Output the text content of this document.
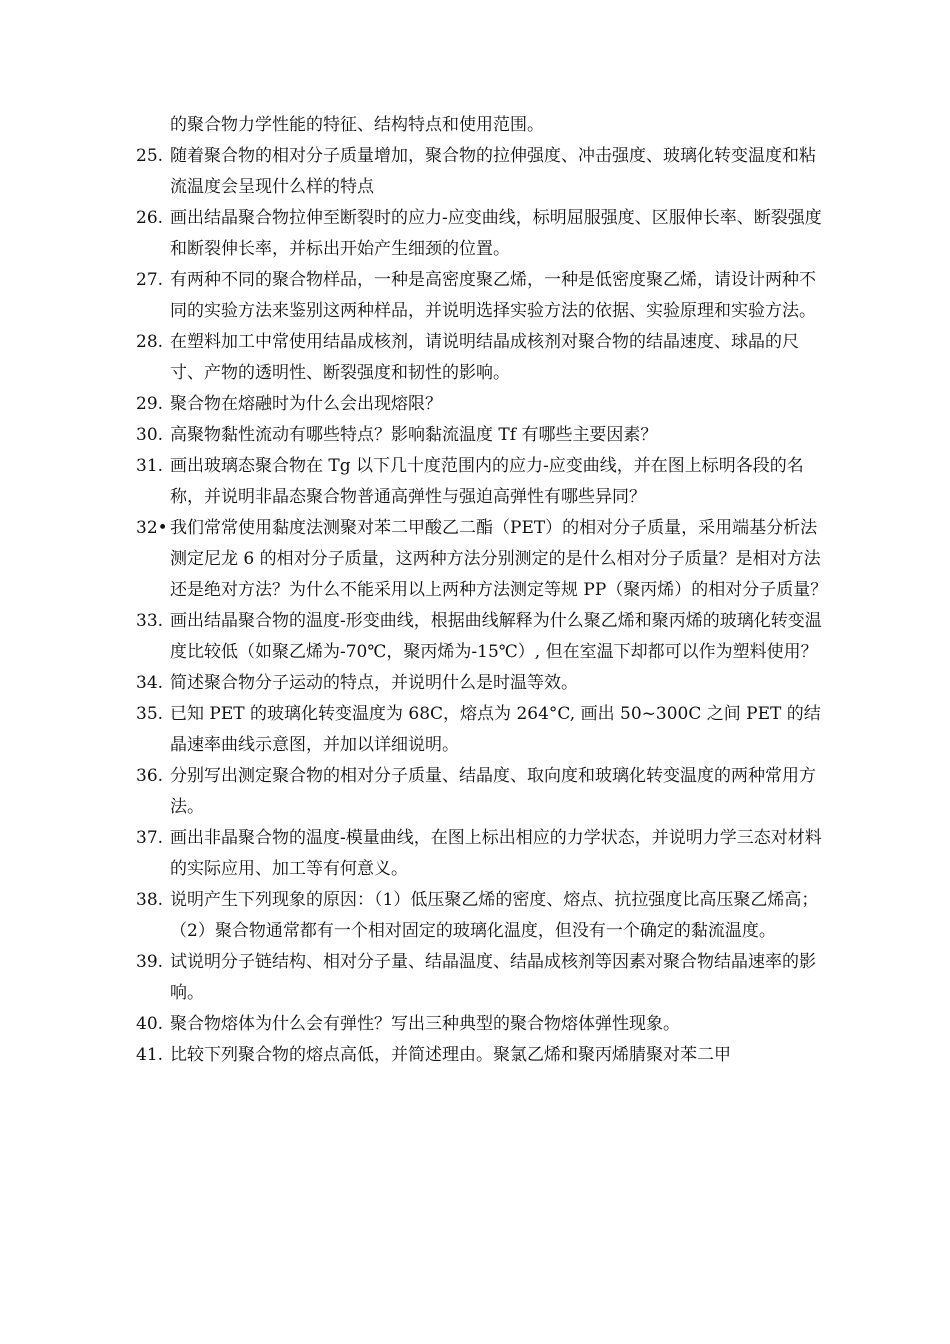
的聚合物力学性能的特征、结构特点和使用范围。

25. 随着聚合物的相对分子质量增加，聚合物的拉伸强度、冲击强度、玻璃化转变温度和粘流温度会呈现什么样的特点

26. 画出结晶聚合物拉伸至断裂时的应力-应变曲线，标明屈服强度、区服伸长率、断裂强度和断裂伸长率，并标出开始产生细颈的位置。

27. 有两种不同的聚合物样品，一种是高密度聚乙烯，一种是低密度聚乙烯，请设计两种不同的实验方法来鉴别这两种样品，并说明选择实验方法的依据、实验原理和实验方法。

28. 在塑料加工中常使用结晶成核剂，请说明结晶成核剂对聚合物的结晶速度、球晶的尺寸、产物的透明性、断裂强度和韧性的影响。

29. 聚合物在熔融时为什么会出现熔限？

30. 高聚物黏性流动有哪些特点？影响黏流温度 Tf 有哪些主要因素？

31. 画出玻璃态聚合物在 Tg 以下几十度范围内的应力-应变曲线，并在图上标明各段的名称，并说明非晶态聚合物普通高弹性与强迫高弹性有哪些异同？

32• 我们常常使用黏度法测聚对苯二甲酸乙二酯（PET）的相对分子质量，采用端基分析法测定尼龙 6 的相对分子质量，这两种方法分别测定的是什么相对分子质量？是相对方法还是绝对方法？为什么不能采用以上两种方法测定等规 PP（聚丙烯）的相对分子质量？

33. 画出结晶聚合物的温度-形变曲线，根据曲线解释为什么聚乙烯和聚丙烯的玻璃化转变温度比较低（如聚乙烯为-70℃，聚丙烯为-15℃）, 但在室温下却都可以作为塑料使用？

34. 简述聚合物分子运动的特点，并说明什么是时温等效。

35. 已知 PET 的玻璃化转变温度为 68C，熔点为 264°C, 画出 50~300C 之间 PET 的结晶速率曲线示意图，并加以详细说明。

36. 分别写出测定聚合物的相对分子质量、结晶度、取向度和玻璃化转变温度的两种常用方法。

37. 画出非晶聚合物的温度-模量曲线，在图上标出相应的力学状态，并说明力学三态对材料的实际应用、加工等有何意义。

38. 说明产生下列现象的原因：（1）低压聚乙烯的密度、熔点、抗拉强度比高压聚乙烯高；（2）聚合物通常都有一个相对固定的玻璃化温度，但没有一个确定的黏流温度。

39. 试说明分子链结构、相对分子量、结晶温度、结晶成核剂等因素对聚合物结晶速率的影响。

40. 聚合物熔体为什么会有弹性？写出三种典型的聚合物熔体弹性现象。

41. 比较下列聚合物的熔点高低，并简述理由。聚氯乙烯和聚丙烯腈聚对苯二甲
